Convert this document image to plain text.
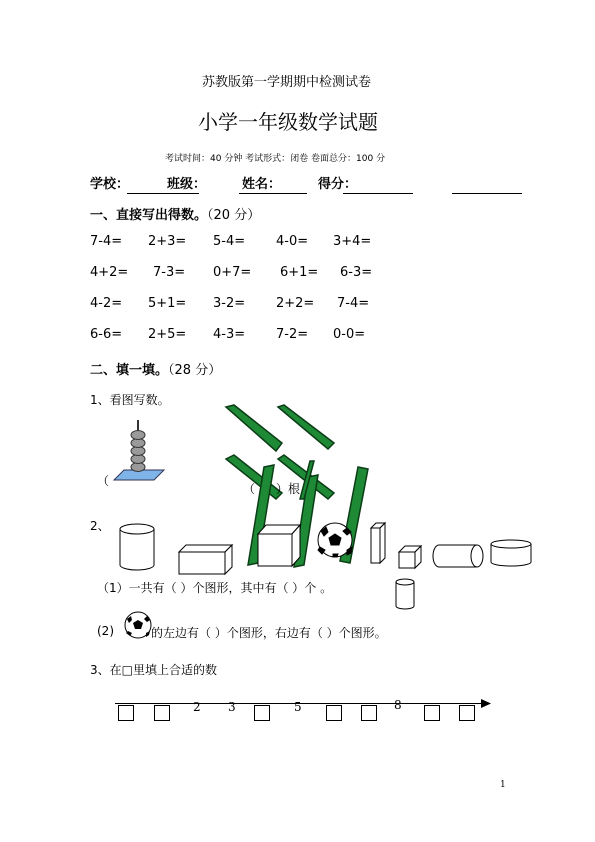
苏教版第一学期期中检测试卷
小学一年级数学试题
考试时间：40 分钟 考试形式：闭卷 卷面总分：100 分
学校：	班级：	姓名：	得分：
一、直接写出得数。（20 分）
7-4= 2+3= 5-4= 4-0= 3+4=
4+2= 7-3= 0+7= 6+1= 6-3=
4-2= 5+1= 3-2= 2+2= 7-4=
6-6= 2+5= 4-3= 7-2= 0-0=
二、填一填。（28 分）
1、看图写数。
（
（ ）根
2、
（1）一共有（ ）个图形，其中有（ ）个 。
(2)	的左边有（ ）个图形，右边有（ ）个图形。
3、在□里填上合适的数
2 3	5	8
1
